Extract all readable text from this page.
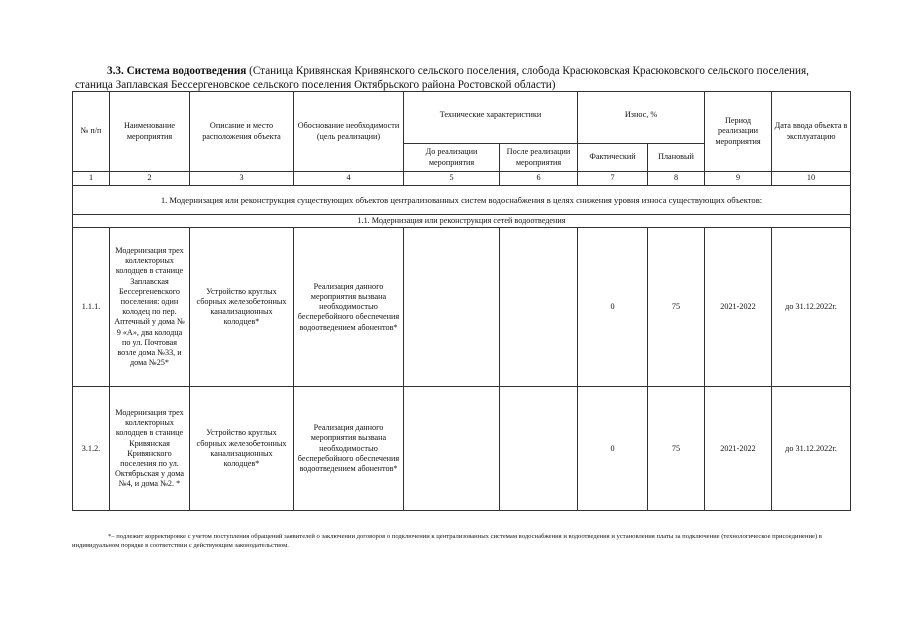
3.3. Система водоотведения (Станица Кривянская Кривянского сельского поселения, слобода Красюковская Красюковского сельского поселения, станица Заплавская Бессергеновское сельского поселения Октябрьского района Ростовской области)

№ п/п	Наименование мероприятия	Описание и место расположения объекта	Обоснование необходимости (цель реализации)	Технические характеристики		Износ, %		Период реализации мероприятия	Дата ввода объекта в эксплуатацию
				До реализации мероприятия	После реализации мероприятия	Фактический	Плановый		
1	2	3	4	5	6	7	8	9	10
1. Модернизация или реконструкция существующих объектов централизованных систем водоснабжения в целях снижения уровня износа существующих объектов:									
1.1. Модернизация или реконструкция сетей водоотведения									
1.1.1.	Модернизация трех коллекторных колодцев в станице Заплавская Бессергеневского поселения: один колодец по пер. Аптечный у дома № 9 «А», два колодца по ул. Почтовая возле дома №33, и дома №25*	Устройство круглых сборных железобетонных канализационных колодцев*	Реализация данного мероприятия вызвана необходимостью бесперебойного обеспечения водоотведением абонентов*			0	75	2021-2022	до 31.12.2022г.
3.1.2.	Модернизация трех коллекторных колодцев в станице Кривянская Кривянского поселения по ул. Октябрьская у дома №4, и дома №2. *	Устройство круглых сборных железобетонных канализационных колодцев*	Реализация данного мероприятия вызвана необходимостью бесперебойного обеспечения водоотведением абонентов*			0	75	2021-2022	до 31.12.2022г.

*– подлежит корректировке с учетом поступления обращений заявителей о заключении договоров о подключении к централизованных системам водоснабжения и водоотведения и установления платы за подключение (технологическое присоединение) в индивидуальном порядке в соответствии с действующим законодательством.
